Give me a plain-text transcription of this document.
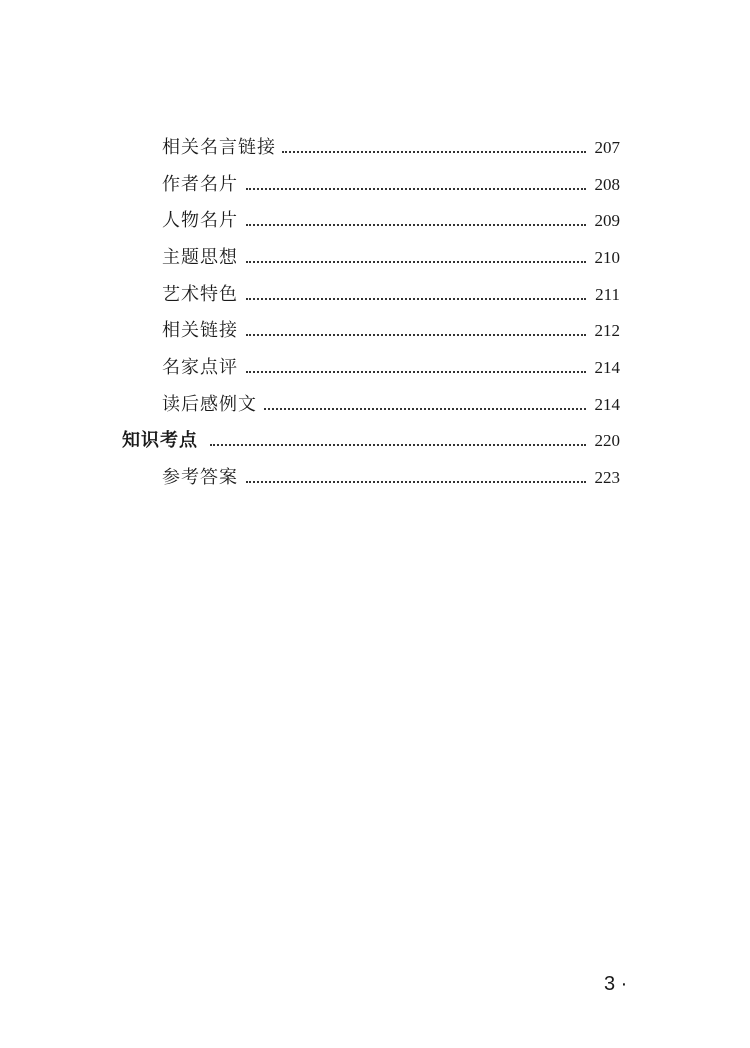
相关名言链接	207
作者名片	208
人物名片	209
主题思想	210
艺术特色	211
相关链接	212
名家点评	214
读后感例文	214
知识考点	220
参考答案	223
3 ·
